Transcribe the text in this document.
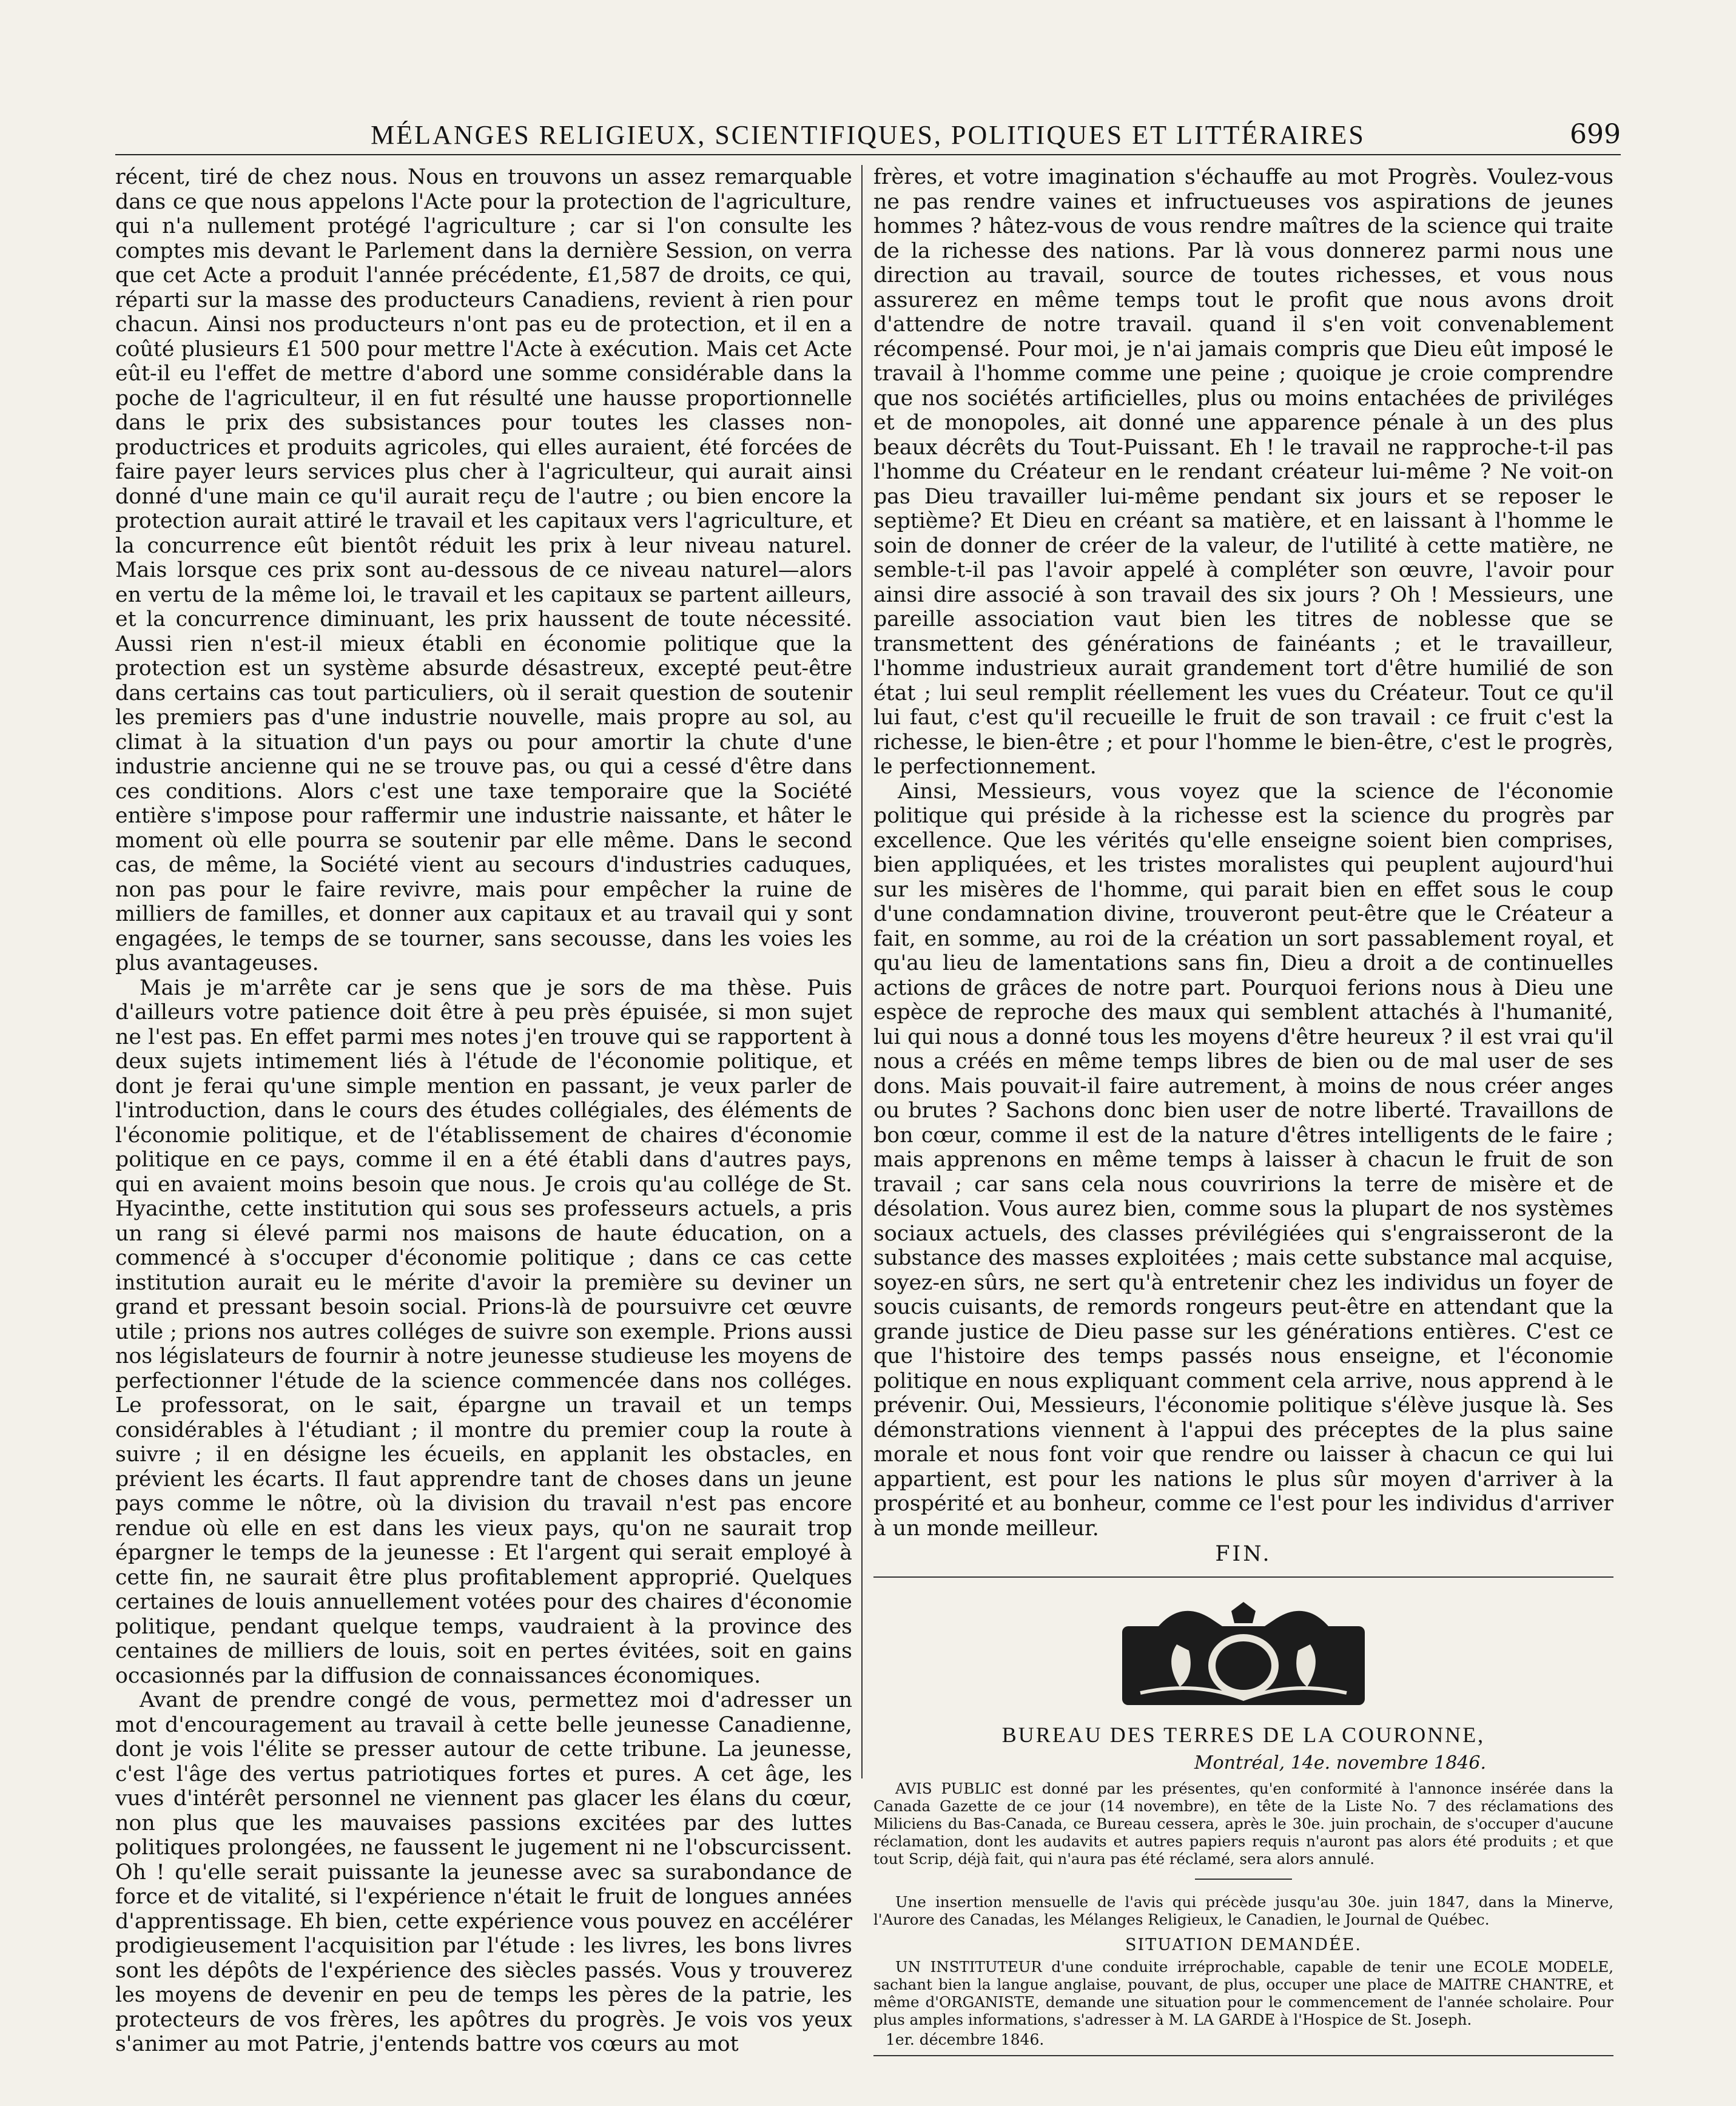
MÉLANGES RELIGIEUX, SCIENTIFIQUES, POLITIQUES ET LITTÉRAIRES	699

récent, tiré de chez nous. Nous en trouvons un assez remarquable dans ce que nous appelons l'Acte pour la protection de l'agriculture, qui n'a nullement protégé l'agriculture ; car si l'on consulte les comptes mis devant le Parlement dans la dernière Session, on verra que cet Acte a produit l'année précédente, £1,587 de droits, ce qui, réparti sur la masse des producteurs Canadiens, revient à rien pour chacun. Ainsi nos producteurs n'ont pas eu de protection, et il en a coûté plusieurs £1 500 pour mettre l'Acte à exécution. Mais cet Acte eût-il eu l'effet de mettre d'abord une somme considérable dans la poche de l'agriculteur, il en fut résulté une hausse proportionnelle dans le prix des subsistances pour toutes les classes non-productrices et produits agricoles, qui elles auraient, été forcées de faire payer leurs services plus cher à l'agriculteur, qui aurait ainsi donné d'une main ce qu'il aurait reçu de l'autre ; ou bien encore la protection aurait attiré le travail et les capitaux vers l'agriculture, et la concurrence eût bientôt réduit les prix à leur niveau naturel. Mais lorsque ces prix sont au-dessous de ce niveau naturel—alors en vertu de la même loi, le travail et les capitaux se partent ailleurs, et la concurrence diminuant, les prix haussent de toute nécessité. Aussi rien n'est-il mieux établi en économie politique que la protection est un système absurde désastreux, excepté peut-être dans certains cas tout particuliers, où il serait question de soutenir les premiers pas d'une industrie nouvelle, mais propre au sol, au climat à la situation d'un pays ou pour amortir la chute d'une industrie ancienne qui ne se trouve pas, ou qui a cessé d'être dans ces conditions. Alors c'est une taxe temporaire que la Société entière s'impose pour raffermir une industrie naissante, et hâter le moment où elle pourra se soutenir par elle même. Dans le second cas, de même, la Société vient au secours d'industries caduques, non pas pour le faire revivre, mais pour empêcher la ruine de milliers de familles, et donner aux capitaux et au travail qui y sont engagées, le temps de se tourner, sans secousse, dans les voies les plus avantageuses.

Mais je m'arrête car je sens que je sors de ma thèse. Puis d'ailleurs votre patience doit être à peu près épuisée, si mon sujet ne l'est pas. En effet parmi mes notes j'en trouve qui se rapportent à deux sujets intimement liés à l'étude de l'économie politique, et dont je ferai qu'une simple mention en passant, je veux parler de l'introduction, dans le cours des études collégiales, des éléments de l'économie politique, et de l'établissement de chaires d'économie politique en ce pays, comme il en a été établi dans d'autres pays, qui en avaient moins besoin que nous. Je crois qu'au collége de St. Hyacinthe, cette institution qui sous ses professeurs actuels, a pris un rang si élevé parmi nos maisons de haute éducation, on a commencé à s'occuper d'économie politique ; dans ce cas cette institution aurait eu le mérite d'avoir la première su deviner un grand et pressant besoin social. Prions-là de poursuivre cet œuvre utile ; prions nos autres colléges de suivre son exemple. Prions aussi nos législateurs de fournir à notre jeunesse studieuse les moyens de perfectionner l'étude de la science commencée dans nos colléges. Le professorat, on le sait, épargne un travail et un temps considérables à l'étudiant ; il montre du premier coup la route à suivre ; il en désigne les écueils, en applanit les obstacles, en prévient les écarts. Il faut apprendre tant de choses dans un jeune pays comme le nôtre, où la division du travail n'est pas encore rendue où elle en est dans les vieux pays, qu'on ne saurait trop épargner le temps de la jeunesse : Et l'argent qui serait employé à cette fin, ne saurait être plus profitablement approprié. Quelques certaines de louis annuellement votées pour des chaires d'économie politique, pendant quelque temps, vaudraient à la province des centaines de milliers de louis, soit en pertes évitées, soit en gains occasionnés par la diffusion de connaissances économiques.

Avant de prendre congé de vous, permettez moi d'adresser un mot d'encouragement au travail à cette belle jeunesse Canadienne, dont je vois l'élite se presser autour de cette tribune. La jeunesse, c'est l'âge des vertus patriotiques fortes et pures. A cet âge, les vues d'intérêt personnel ne viennent pas glacer les élans du cœur, non plus que les mauvaises passions excitées par des luttes politiques prolongées, ne faussent le jugement ni ne l'obscurcissent. Oh ! qu'elle serait puissante la jeunesse avec sa surabondance de force et de vitalité, si l'expérience n'était le fruit de longues années d'apprentissage. Eh bien, cette expérience vous pouvez en accélérer prodigieusement l'acquisition par l'étude : les livres, les bons livres sont les dépôts de l'expérience des siècles passés. Vous y trouverez les moyens de devenir en peu de temps les pères de la patrie, les protecteurs de vos frères, les apôtres du progrès. Je vois vos yeux s'animer au mot Patrie, j'entends battre vos cœurs au mot

frères, et votre imagination s'échauffe au mot Progrès. Voulez-vous ne pas rendre vaines et infructueuses vos aspirations de jeunes hommes ? hâtez-vous de vous rendre maîtres de la science qui traite de la richesse des nations. Par là vous donnerez parmi nous une direction au travail, source de toutes richesses, et vous nous assurerez en même temps tout le profit que nous avons droit d'attendre de notre travail. quand il s'en voit convenablement récompensé. Pour moi, je n'ai jamais compris que Dieu eût imposé le travail à l'homme comme une peine ; quoique je croie comprendre que nos sociétés artificielles, plus ou moins entachées de priviléges et de monopoles, ait donné une apparence pénale à un des plus beaux décrêts du Tout-Puissant. Eh ! le travail ne rapproche-t-il pas l'homme du Créateur en le rendant créateur lui-même ? Ne voit-on pas Dieu travailler lui-même pendant six jours et se reposer le septième? Et Dieu en créant sa matière, et en laissant à l'homme le soin de donner de créer de la valeur, de l'utilité à cette matière, ne semble-t-il pas l'avoir appelé à compléter son œuvre, l'avoir pour ainsi dire associé à son travail des six jours ? Oh ! Messieurs, une pareille association vaut bien les titres de noblesse que se transmettent des générations de fainéants ; et le travailleur, l'homme industrieux aurait grandement tort d'être humilié de son état ; lui seul remplit réellement les vues du Créateur. Tout ce qu'il lui faut, c'est qu'il recueille le fruit de son travail : ce fruit c'est la richesse, le bien-être ; et pour l'homme le bien-être, c'est le progrès, le perfectionnement.

Ainsi, Messieurs, vous voyez que la science de l'économie politique qui préside à la richesse est la science du progrès par excellence. Que les vérités qu'elle enseigne soient bien comprises, bien appliquées, et les tristes moralistes qui peuplent aujourd'hui sur les misères de l'homme, qui parait bien en effet sous le coup d'une condamnation divine, trouveront peut-être que le Créateur a fait, en somme, au roi de la création un sort passablement royal, et qu'au lieu de lamentations sans fin, Dieu a droit a de continuelles actions de grâces de notre part. Pourquoi ferions nous à Dieu une espèce de reproche des maux qui semblent attachés à l'humanité, lui qui nous a donné tous les moyens d'être heureux ? il est vrai qu'il nous a créés en même temps libres de bien ou de mal user de ses dons. Mais pouvait-il faire autrement, à moins de nous créer anges ou brutes ? Sachons donc bien user de notre liberté. Travaillons de bon cœur, comme il est de la nature d'êtres intelligents de le faire ; mais apprenons en même temps à laisser à chacun le fruit de son travail ; car sans cela nous couvririons la terre de misère et de désolation. Vous aurez bien, comme sous la plupart de nos systèmes sociaux actuels, des classes prévilégiées qui s'engraisseront de la substance des masses exploitées ; mais cette substance mal acquise, soyez-en sûrs, ne sert qu'à entretenir chez les individus un foyer de soucis cuisants, de remords rongeurs peut-être en attendant que la grande justice de Dieu passe sur les générations entières. C'est ce que l'histoire des temps passés nous enseigne, et l'économie politique en nous expliquant comment cela arrive, nous apprend à le prévenir. Oui, Messieurs, l'économie politique s'élève jusque là. Ses démonstrations viennent à l'appui des préceptes de la plus saine morale et nous font voir que rendre ou laisser à chacun ce qui lui appartient, est pour les nations le plus sûr moyen d'arriver à la prospérité et au bonheur, comme ce l'est pour les individus d'arriver à un monde meilleur.

FIN.
BUREAU DES TERRES DE LA COURONNE,
Montréal, 14e. novembre 1846.

AVIS PUBLIC est donné par les présentes, qu'en conformité à l'annonce insérée dans la Canada Gazette de ce jour (14 novembre), en tête de la Liste No. 7 des réclamations des Miliciens du Bas-Canada, ce Bureau cessera, après le 30e. juin prochain, de s'occuper d'aucune réclamation, dont les audavits et autres papiers requis n'auront pas alors été produits ; et que tout Scrip, déjà fait, qui n'aura pas été réclamé, sera alors annulé.

Une insertion mensuelle de l'avis qui précède jusqu'au 30e. juin 1847, dans la Minerve, l'Aurore des Canadas, les Mélanges Religieux, le Canadien, le Journal de Québec.

SITUATION DEMANDÉE.

UN INSTITUTEUR d'une conduite irréprochable, capable de tenir une ECOLE MODELE, sachant bien la langue anglaise, pouvant, de plus, occuper une place de MAITRE CHANTRE, et même d'ORGANISTE, demande une situation pour le commencement de l'année scholaire. Pour plus amples informations, s'adresser à M. LA GARDE à l'Hospice de St. Joseph.

1er. décembre 1846.
